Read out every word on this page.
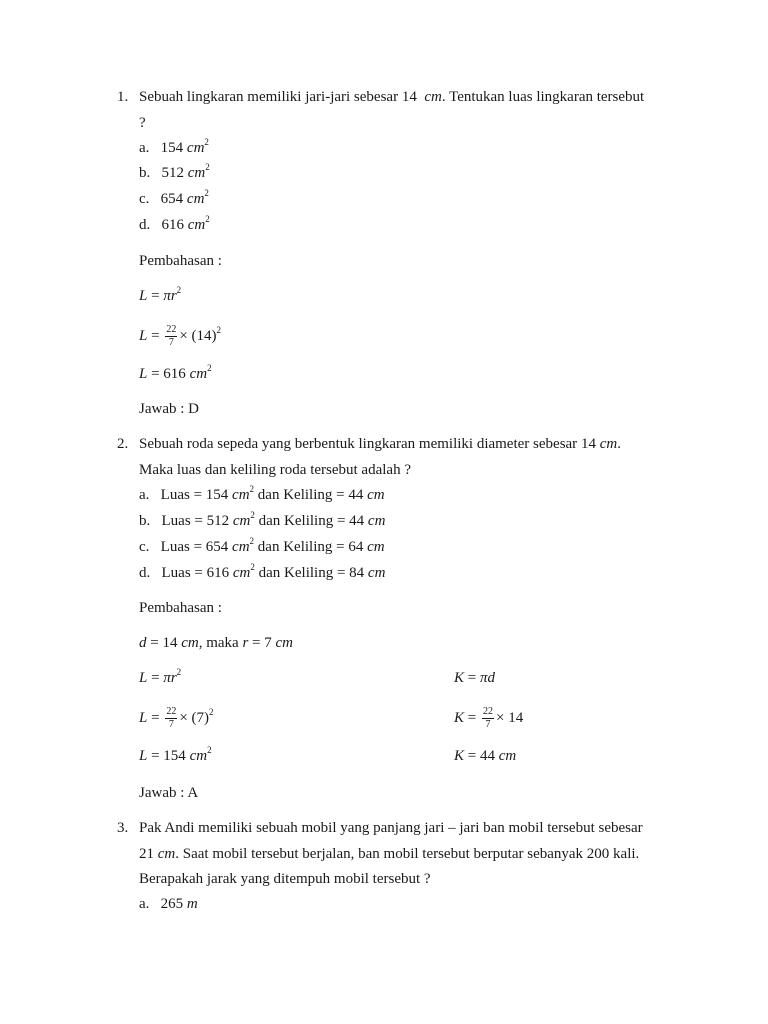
1. Sebuah lingkaran memiliki jari-jari sebesar 14 cm. Tentukan luas lingkaran tersebut
?
a. 154 $cm^2$
b. 512 $cm^2$
c. 654 $cm^2$
d. 616 $cm^2$
Pembahasan :
$L = \pi r^2$
$L = \frac{22}{7} \times (14)^2$
L = 616 $cm^2$
Jawab : D
2. Sebuah roda sepeda yang berbentuk lingkaran memiliki diameter sebesar 14 cm.
Maka luas dan keliling roda tersebut adalah ?
a. Luas = 154 $cm^2$ dan Keliling = 44 cm
b. Luas = 512 $cm^2$ dan Keliling = 44 cm
c. Luas = 654 $cm^2$ dan Keliling = 64 cm
d. Luas = 616 $cm^2$ dan Keliling = 84 cm
Pembahasan :
d = 14 cm, maka r = 7 cm
$L = \pi r^2$	K = πd
$L = \frac{22}{7} \times (7)^2$	$K = \frac{22}{7} \times 14$
L = 154 $cm^2$	K = 44 cm
Jawab : A
3. Pak Andi memiliki sebuah mobil yang panjang jari – jari ban mobil tersebut sebesar
21 cm. Saat mobil tersebut berjalan, ban mobil tersebut berputar sebanyak 200 kali.
Berapakah jarak yang ditempuh mobil tersebut ?
a. 265 m
